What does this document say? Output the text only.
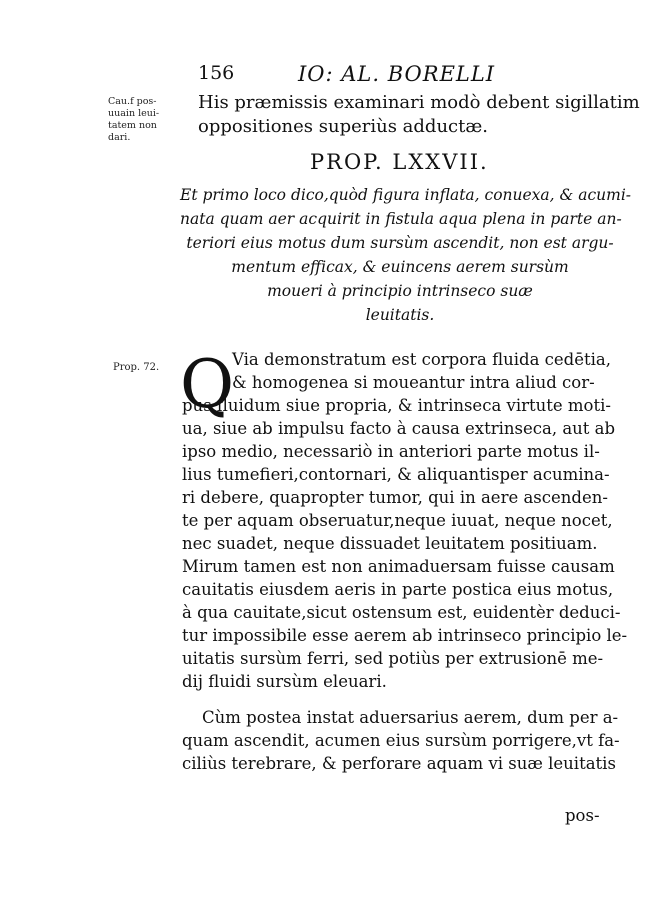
156	IO: AL. BORELLI
Cau.f pos-
uuain leui-
tatem non
dari.
His præmissis examinari modò debent sigillatim
oppositiones superiùs adductæ.
PROP. LXXVII.
Et primo loco dico,quòd figura inflata, conuexa, & acumi-
nata quam aer acquirit in fistula aqua plena in parte an-
teriori eius motus dum sursùm ascendit, non est argu-
mentum efficax, & euincens aerem sursùm
moueri à principio intrinseco suæ
leuitatis.
Prop. 72. Q
Via demonstratum est corpora fluida cedētia,
& homogenea si moueantur intra aliud cor-
pus fluidum siue propria, & intrinseca virtute moti-
ua, siue ab impulsu facto à causa extrinseca, aut ab
ipso medio, necessariò in anteriori parte motus il-
lius tumefieri,contornari, & aliquantisper acumina-
ri debere, quapropter tumor, qui in aere ascenden-
te per aquam obseruatur,neque iuuat, neque nocet,
nec suadet, neque dissuadet leuitatem positiuam.
Mirum tamen est non animaduersam fuisse causam
cauitatis eiusdem aeris in parte postica eius motus,
à qua cauitate,sicut ostensum est, euidentèr deduci-
tur impossibile esse aerem ab intrinseco principio le-
uitatis sursùm ferri, sed potiùs per extrusionē me-
dij fluidi sursùm eleuari.
Cùm postea instat aduersarius aerem, dum per a-
quam ascendit, acumen eius sursùm porrigere,vt fa-
ciliùs terebrare, & perforare aquam vi suæ leuitatis
pos-
